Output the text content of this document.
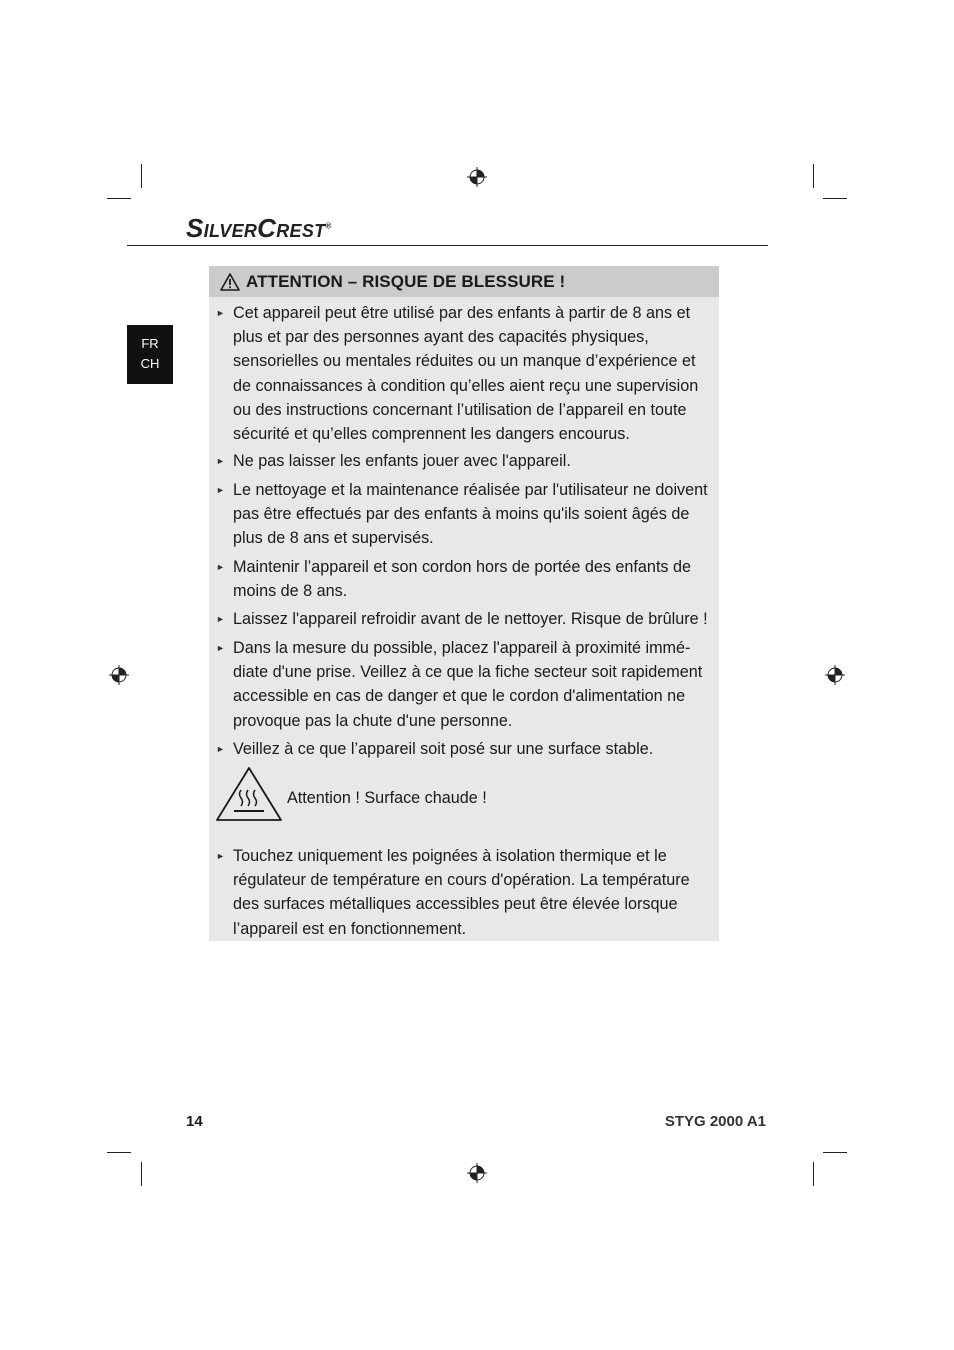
SILVERCREST®
FR
CH
ATTENTION – RISQUE DE BLESSURE !
► Cet appareil peut être utilisé par des enfants à partir de 8 ans et plus et par des personnes ayant des capacités physiques, sensorielles ou mentales réduites ou un manque d’expérience et de connaissances à condition qu’elles aient reçu une supervision ou des instructions concernant l’utilisation de l’appareil en toute sécurité et qu’elles comprennent les dangers encourus.
► Ne pas laisser les enfants jouer avec l'appareil.
► Le nettoyage et la maintenance réalisée par l'utilisateur ne doivent pas être effectués par des enfants à moins qu'ils soient âgés de plus de 8 ans et supervisés.
► Maintenir l’appareil et son cordon hors de portée des enfants de moins de 8 ans.
► Laissez l'appareil refroidir avant de le nettoyer. Risque de brûlure !
► Dans la mesure du possible, placez l'appareil à proximité immé-diate d'une prise. Veillez à ce que la fiche secteur soit rapidement accessible en cas de danger et que le cordon d'alimentation ne provoque pas la chute d'une personne.
► Veillez à ce que l’appareil soit posé sur une surface stable.
Attention ! Surface chaude !
► Touchez uniquement les poignées à isolation thermique et le régulateur de température en cours d'opération. La température des surfaces métalliques accessibles peut être élevée lorsque l’appareil est en fonctionnement.
14	STYG 2000 A1
